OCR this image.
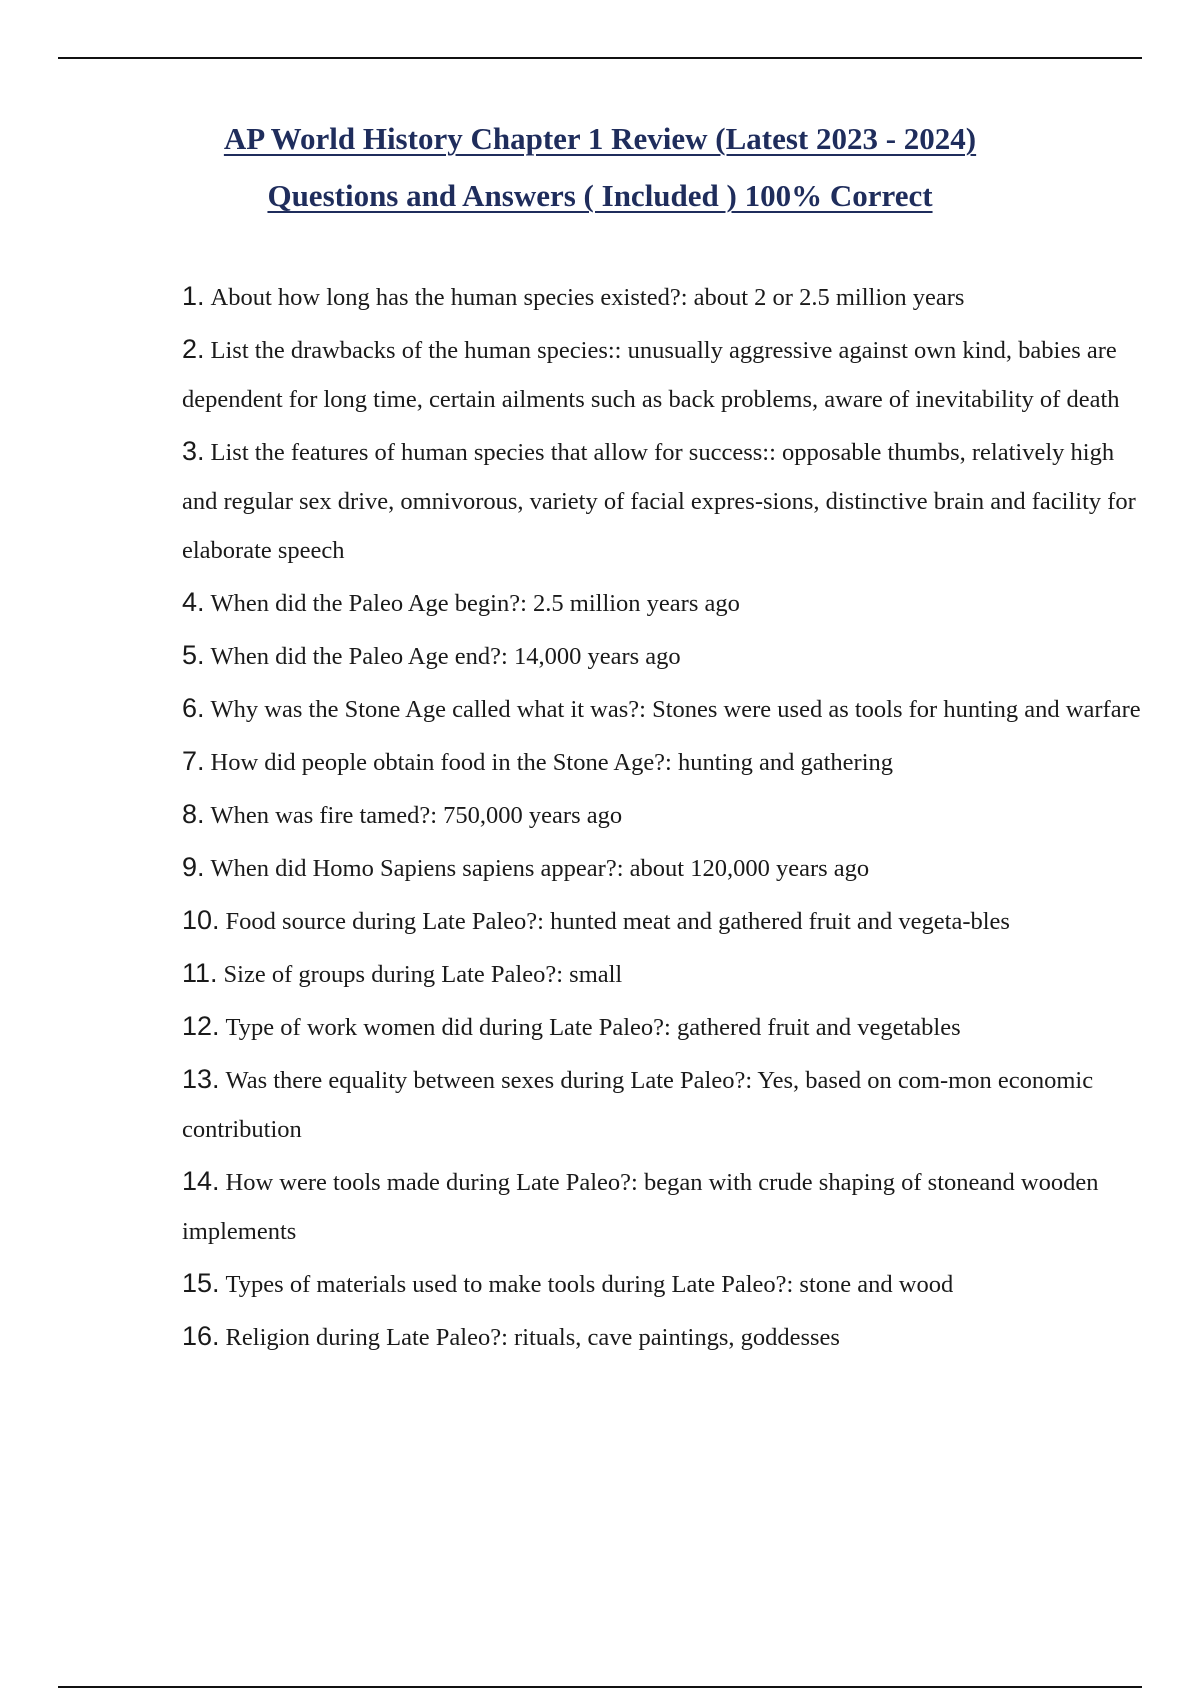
AP World History Chapter 1 Review (Latest 2023 - 2024)
Questions and Answers ( Included ) 100% Correct
1. About how long has the human species existed?: about 2 or 2.5 million years
2. List the drawbacks of the human species:: unusually aggressive against own kind, babies are dependent for long time, certain ailments such as back problems, aware of inevitability of death
3. List the features of human species that allow for success:: opposable thumbs, relatively high and regular sex drive, omnivorous, variety of facial expres-sions, distinctive brain and facility for elaborate speech
4. When did the Paleo Age begin?: 2.5 million years ago
5. When did the Paleo Age end?: 14,000 years ago
6. Why was the Stone Age called what it was?: Stones were used as tools for hunting and warfare
7. How did people obtain food in the Stone Age?: hunting and gathering
8. When was fire tamed?: 750,000 years ago
9. When did Homo Sapiens sapiens appear?: about 120,000 years ago
10. Food source during Late Paleo?: hunted meat and gathered fruit and vegeta-bles
11. Size of groups during Late Paleo?: small
12. Type of work women did during Late Paleo?: gathered fruit and vegetables
13. Was there equality between sexes during Late Paleo?: Yes, based on com-mon economic contribution
14. How were tools made during Late Paleo?: began with crude shaping of stoneand wooden implements
15. Types of materials used to make tools during Late Paleo?: stone and wood
16. Religion during Late Paleo?: rituals, cave paintings, goddesses
